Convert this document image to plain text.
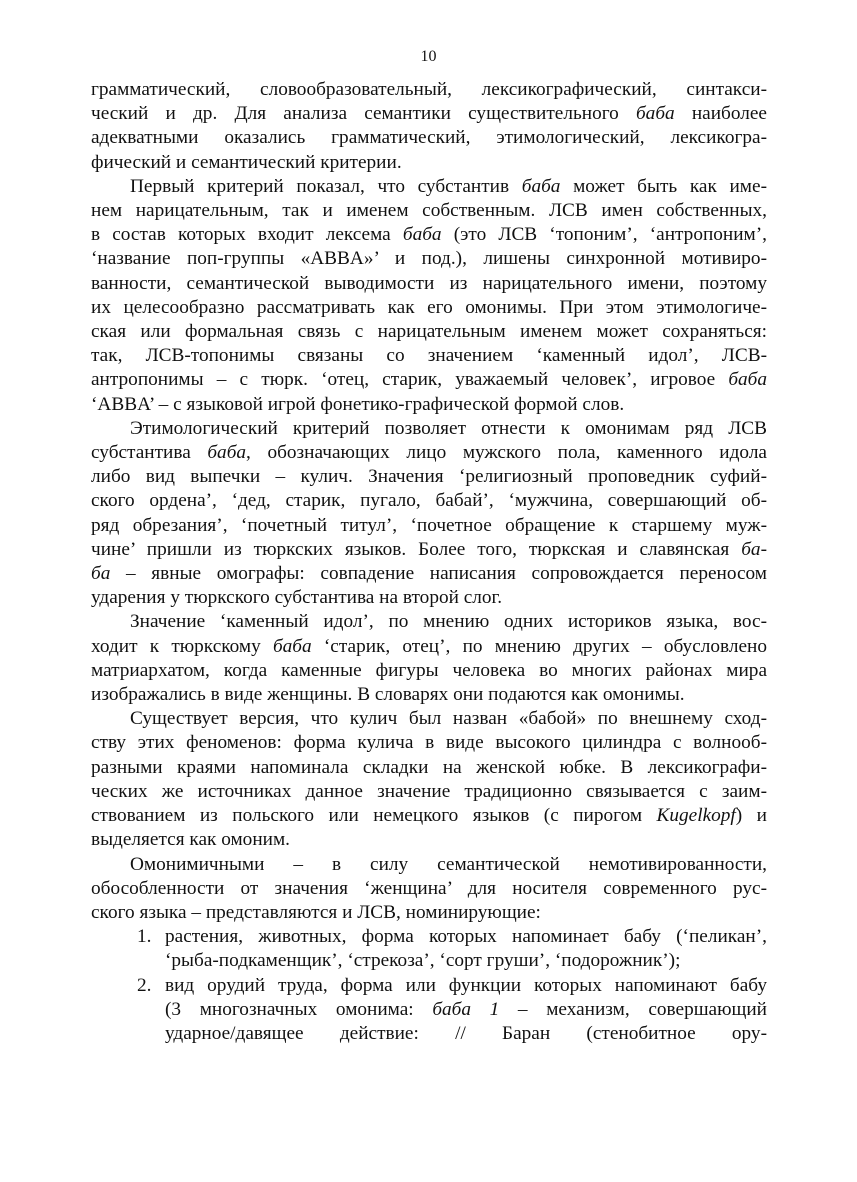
10
грамматический, словообразовательный, лексикографический, синтакси-
ческий и др. Для анализа семантики существительного баба наиболее
адекватными оказались грамматический, этимологический, лексикогра-
фический и семантический критерии.
Первый критерий показал, что субстантив баба может быть как име-
нем нарицательным, так и именем собственным. ЛСВ имен собственных,
в состав которых входит лексема баба (это ЛСВ ‘топоним’, ‘антропоним’,
‘название поп-группы «ABBA»’ и под.), лишены синхронной мотивиро-
ванности, семантической выводимости из нарицательного имени, поэтому
их целесообразно рассматривать как его омонимы. При этом этимологиче-
ская или формальная связь с нарицательным именем может сохраняться:
так, ЛСВ-топонимы связаны со значением ‘каменный идол’, ЛСВ-
антропонимы – с тюрк. ‘отец, старик, уважаемый человек’, игровое баба
‘ABBA’ – с языковой игрой фонетико-графической формой слов.
Этимологический критерий позволяет отнести к омонимам ряд ЛСВ
субстантива баба, обозначающих лицо мужского пола, каменного идола
либо вид выпечки – кулич. Значения ‘религиозный проповедник суфий-
ского ордена’, ‘дед, старик, пугало, бабай’, ‘мужчина, совершающий об-
ряд обрезания’, ‘почетный титул’, ‘почетное обращение к старшему муж-
чине’ пришли из тюркских языков. Более того, тюркская и славянская ба-
ба – явные омографы: совпадение написания сопровождается переносом
ударения у тюркского субстантива на второй слог.
Значение ‘каменный идол’, по мнению одних историков языка, вос-
ходит к тюркскому баба ‘старик, отец’, по мнению других – обусловлено
матриархатом, когда каменные фигуры человека во многих районах мира
изображались в виде женщины. В словарях они подаются как омонимы.
Существует версия, что кулич был назван «бабой» по внешнему сход-
ству этих феноменов: форма кулича в виде высокого цилиндра с волнооб-
разными краями напоминала складки на женской юбке. В лексикографи-
ческих же источниках данное значение традиционно связывается с заим-
ствованием из польского или немецкого языков (с пирогом Kugelkopf) и
выделяется как омоним.
Омонимичными – в силу семантической немотивированности,
обособленности от значения ‘женщина’ для носителя современного рус-
ского языка – представляются и ЛСВ, номинирующие:
1. растения, животных, форма которых напоминает бабу (‘пеликан’,
‘рыба-подкаменщик’, ‘стрекоза’, ‘сорт груши’, ‘подорожник’);
2. вид орудий труда, форма или функции которых напоминают бабу
(3 многозначных омонима: баба 1 – механизм, совершающий
ударное/давящее действие: // Баран (стенобитное ору-
